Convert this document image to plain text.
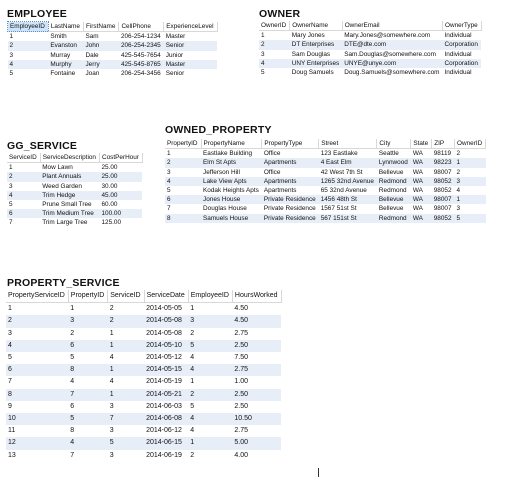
EMPLOYEE
EmployeeID	LastName	FirstName	CellPhone	ExperienceLevel
1	Smith	Sam	206-254-1234	Master
2	Evanston	John	206-254-2345	Senior
3	Murray	Dale	425-545-7654	Junior
4	Murphy	Jerry	425-545-8765	Master
5	Fontaine	Joan	206-254-3456	Senior
OWNER
OwnerID	OwnerName	OwnerEmail	OwnerType
1	Mary Jones	Mary.Jones@somewhere.com	Individual
2	DT Enterprises	DTE@dte.com	Corporation
3	Sam Douglas	Sam.Douglas@somewhere.com	Individual
4	UNY Enterprises	UNYE@unye.com	Corporation
5	Doug Samuels	Doug.Samuels@somewhere.com	Individual
GG_SERVICE
ServiceID	ServiceDescription	CostPerHour
1	Mow Lawn	25.00
2	Plant Annuals	25.00
3	Weed Garden	30.00
4	Trim Hedge	45.00
5	Prune Small Tree	60.00
6	Trim Medium Tree	100.00
7	Trim Large Tree	125.00
OWNED_PROPERTY
PropertyID	PropertyName	PropertyType	Street	City	State	ZIP	OwnerID
1	Eastlake Building	Office	123 Eastlake	Seattle	WA	98119	2
2	Elm St Apts	Apartments	4 East Elm	Lynnwood	WA	98223	1
3	Jefferson Hill	Office	42 West 7th St	Bellevue	WA	98007	2
4	Lake View Apts	Apartments	1265 32nd Avenue	Redmond	WA	98052	3
5	Kodak Heights Apts	Apartments	65 32nd Avenue	Redmond	WA	98052	4
6	Jones House	Private Residence	1456 48th St	Bellevue	WA	98007	1
7	Douglas House	Private Residence	1567 51st St	Bellevue	WA	98007	3
8	Samuels House	Private Residence	567 151st St	Redmond	WA	98052	5
PROPERTY_SERVICE
PropertyServiceID	PropertyID	ServiceID	ServiceDate	EmployeeID	HoursWorked
1	1	2	2014-05-05	1	4.50
2	3	2	2014-05-08	3	4.50
3	2	1	2014-05-08	2	2.75
4	6	1	2014-05-10	5	2.50
5	5	4	2014-05-12	4	7.50
6	8	1	2014-05-15	4	2.75
7	4	4	2014-05-19	1	1.00
8	7	1	2014-05-21	2	2.50
9	6	3	2014-06-03	5	2.50
10	5	7	2014-06-08	4	10.50
11	8	3	2014-06-12	4	2.75
12	4	5	2014-06-15	1	5.00
13	7	3	2014-06-19	2	4.00
